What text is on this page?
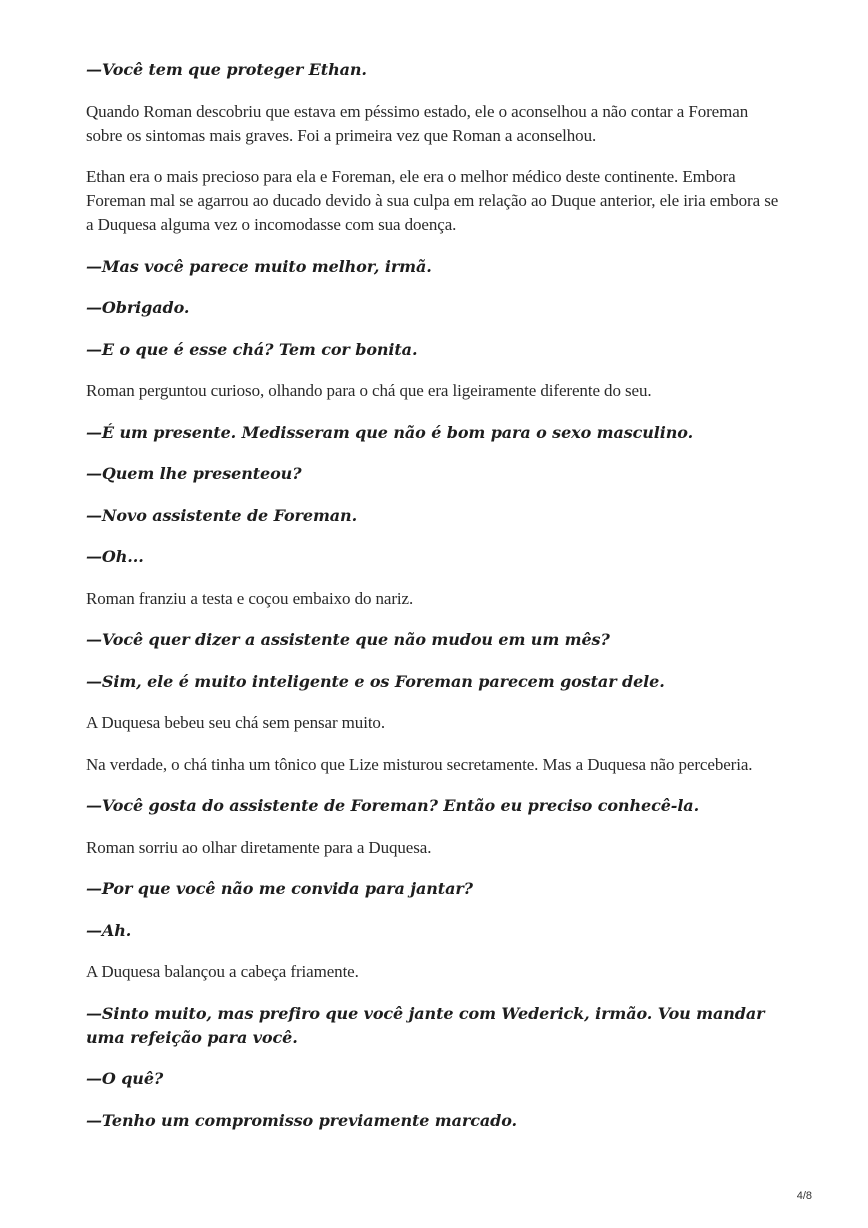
—Você tem que proteger Ethan.

Quando Roman descobriu que estava em péssimo estado, ele o aconselhou a não contar a Foreman sobre os sintomas mais graves. Foi a primeira vez que Roman a aconselhou.

Ethan era o mais precioso para ela e Foreman, ele era o melhor médico deste continente. Embora Foreman mal se agarrou ao ducado devido à sua culpa em relação ao Duque anterior, ele iria embora se a Duquesa alguma vez o incomodasse com sua doença.

—Mas você parece muito melhor, irmã.

—Obrigado.

—E o que é esse chá? Tem cor bonita.

Roman perguntou curioso, olhando para o chá que era ligeiramente diferente do seu.

—É um presente. Medisseram que não é bom para o sexo masculino.

—Quem lhe presenteou?

—Novo assistente de Foreman.

—Oh...

Roman franziu a testa e coçou embaixo do nariz.

—Você quer dizer a assistente que não mudou em um mês?

—Sim, ele é muito inteligente e os Foreman parecem gostar dele.

A Duquesa bebeu seu chá sem pensar muito.

Na verdade, o chá tinha um tônico que Lize misturou secretamente. Mas a Duquesa não perceberia.

—Você gosta do assistente de Foreman? Então eu preciso conhecê-la.

Roman sorriu ao olhar diretamente para a Duquesa.

—Por que você não me convida para jantar?

—Ah.

A Duquesa balançou a cabeça friamente.

—Sinto muito, mas prefiro que você jante com Wederick, irmão. Vou mandar uma refeição para você.

—O quê?

—Tenho um compromisso previamente marcado.

4/8
